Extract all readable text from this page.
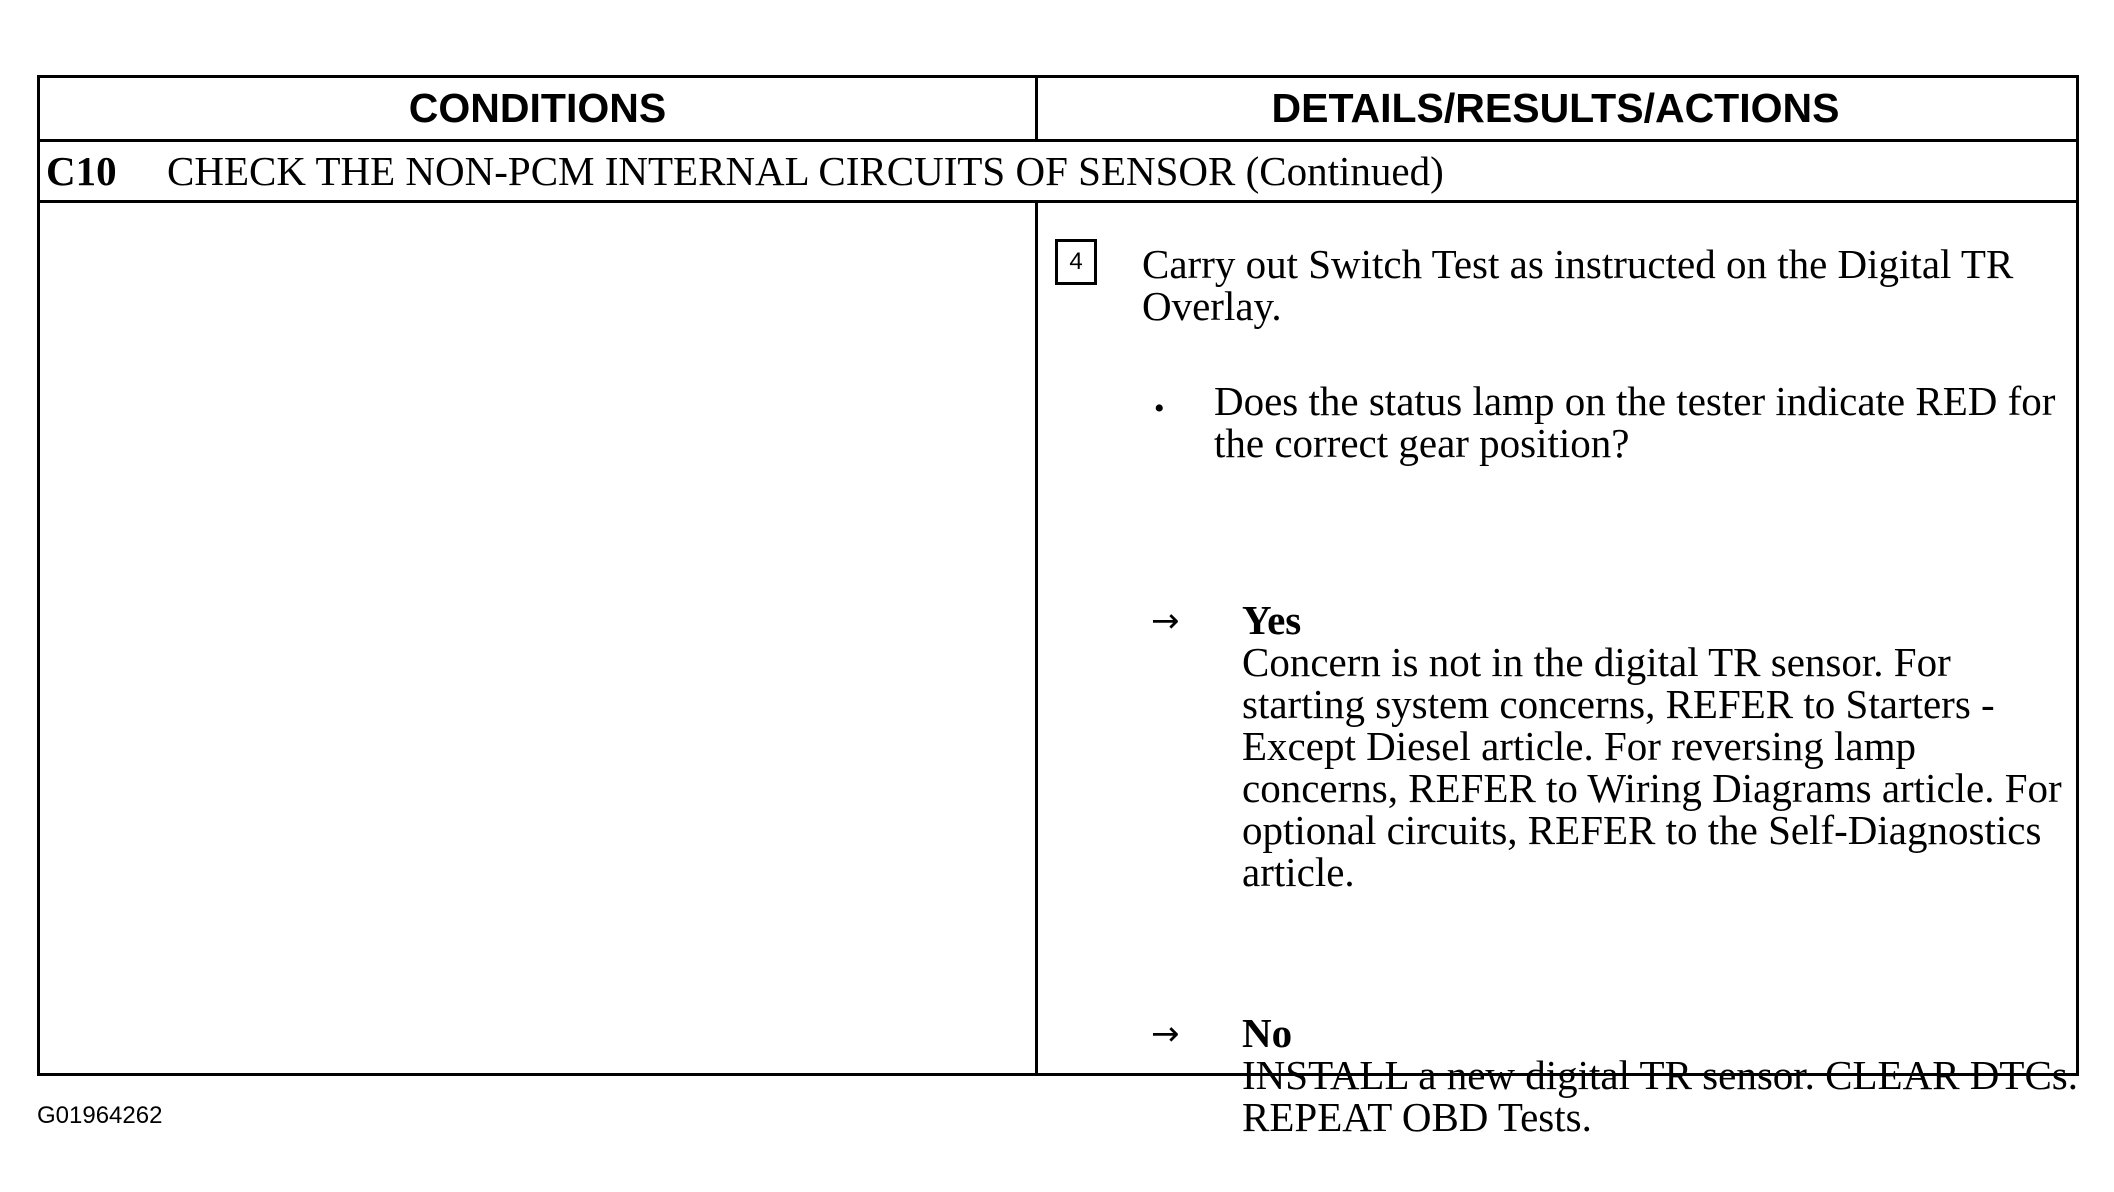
CONDITIONS	DETAILS/RESULTS/ACTIONS
C10 CHECK THE NON-PCM INTERNAL CIRCUITS OF SENSOR (Continued)
4	Carry out Switch Test as instructed on the Digital TR Overlay.
• Does the status lamp on the tester indicate RED for the correct gear position?
→ Yes
Concern is not in the digital TR sensor. For starting system concerns, REFER to Starters - Except Diesel article. For reversing lamp concerns, REFER to Wiring Diagrams article. For optional circuits, REFER to the Self-Diagnostics article.
→ No
INSTALL a new digital TR sensor. CLEAR DTCs. REPEAT OBD Tests.
G01964262
